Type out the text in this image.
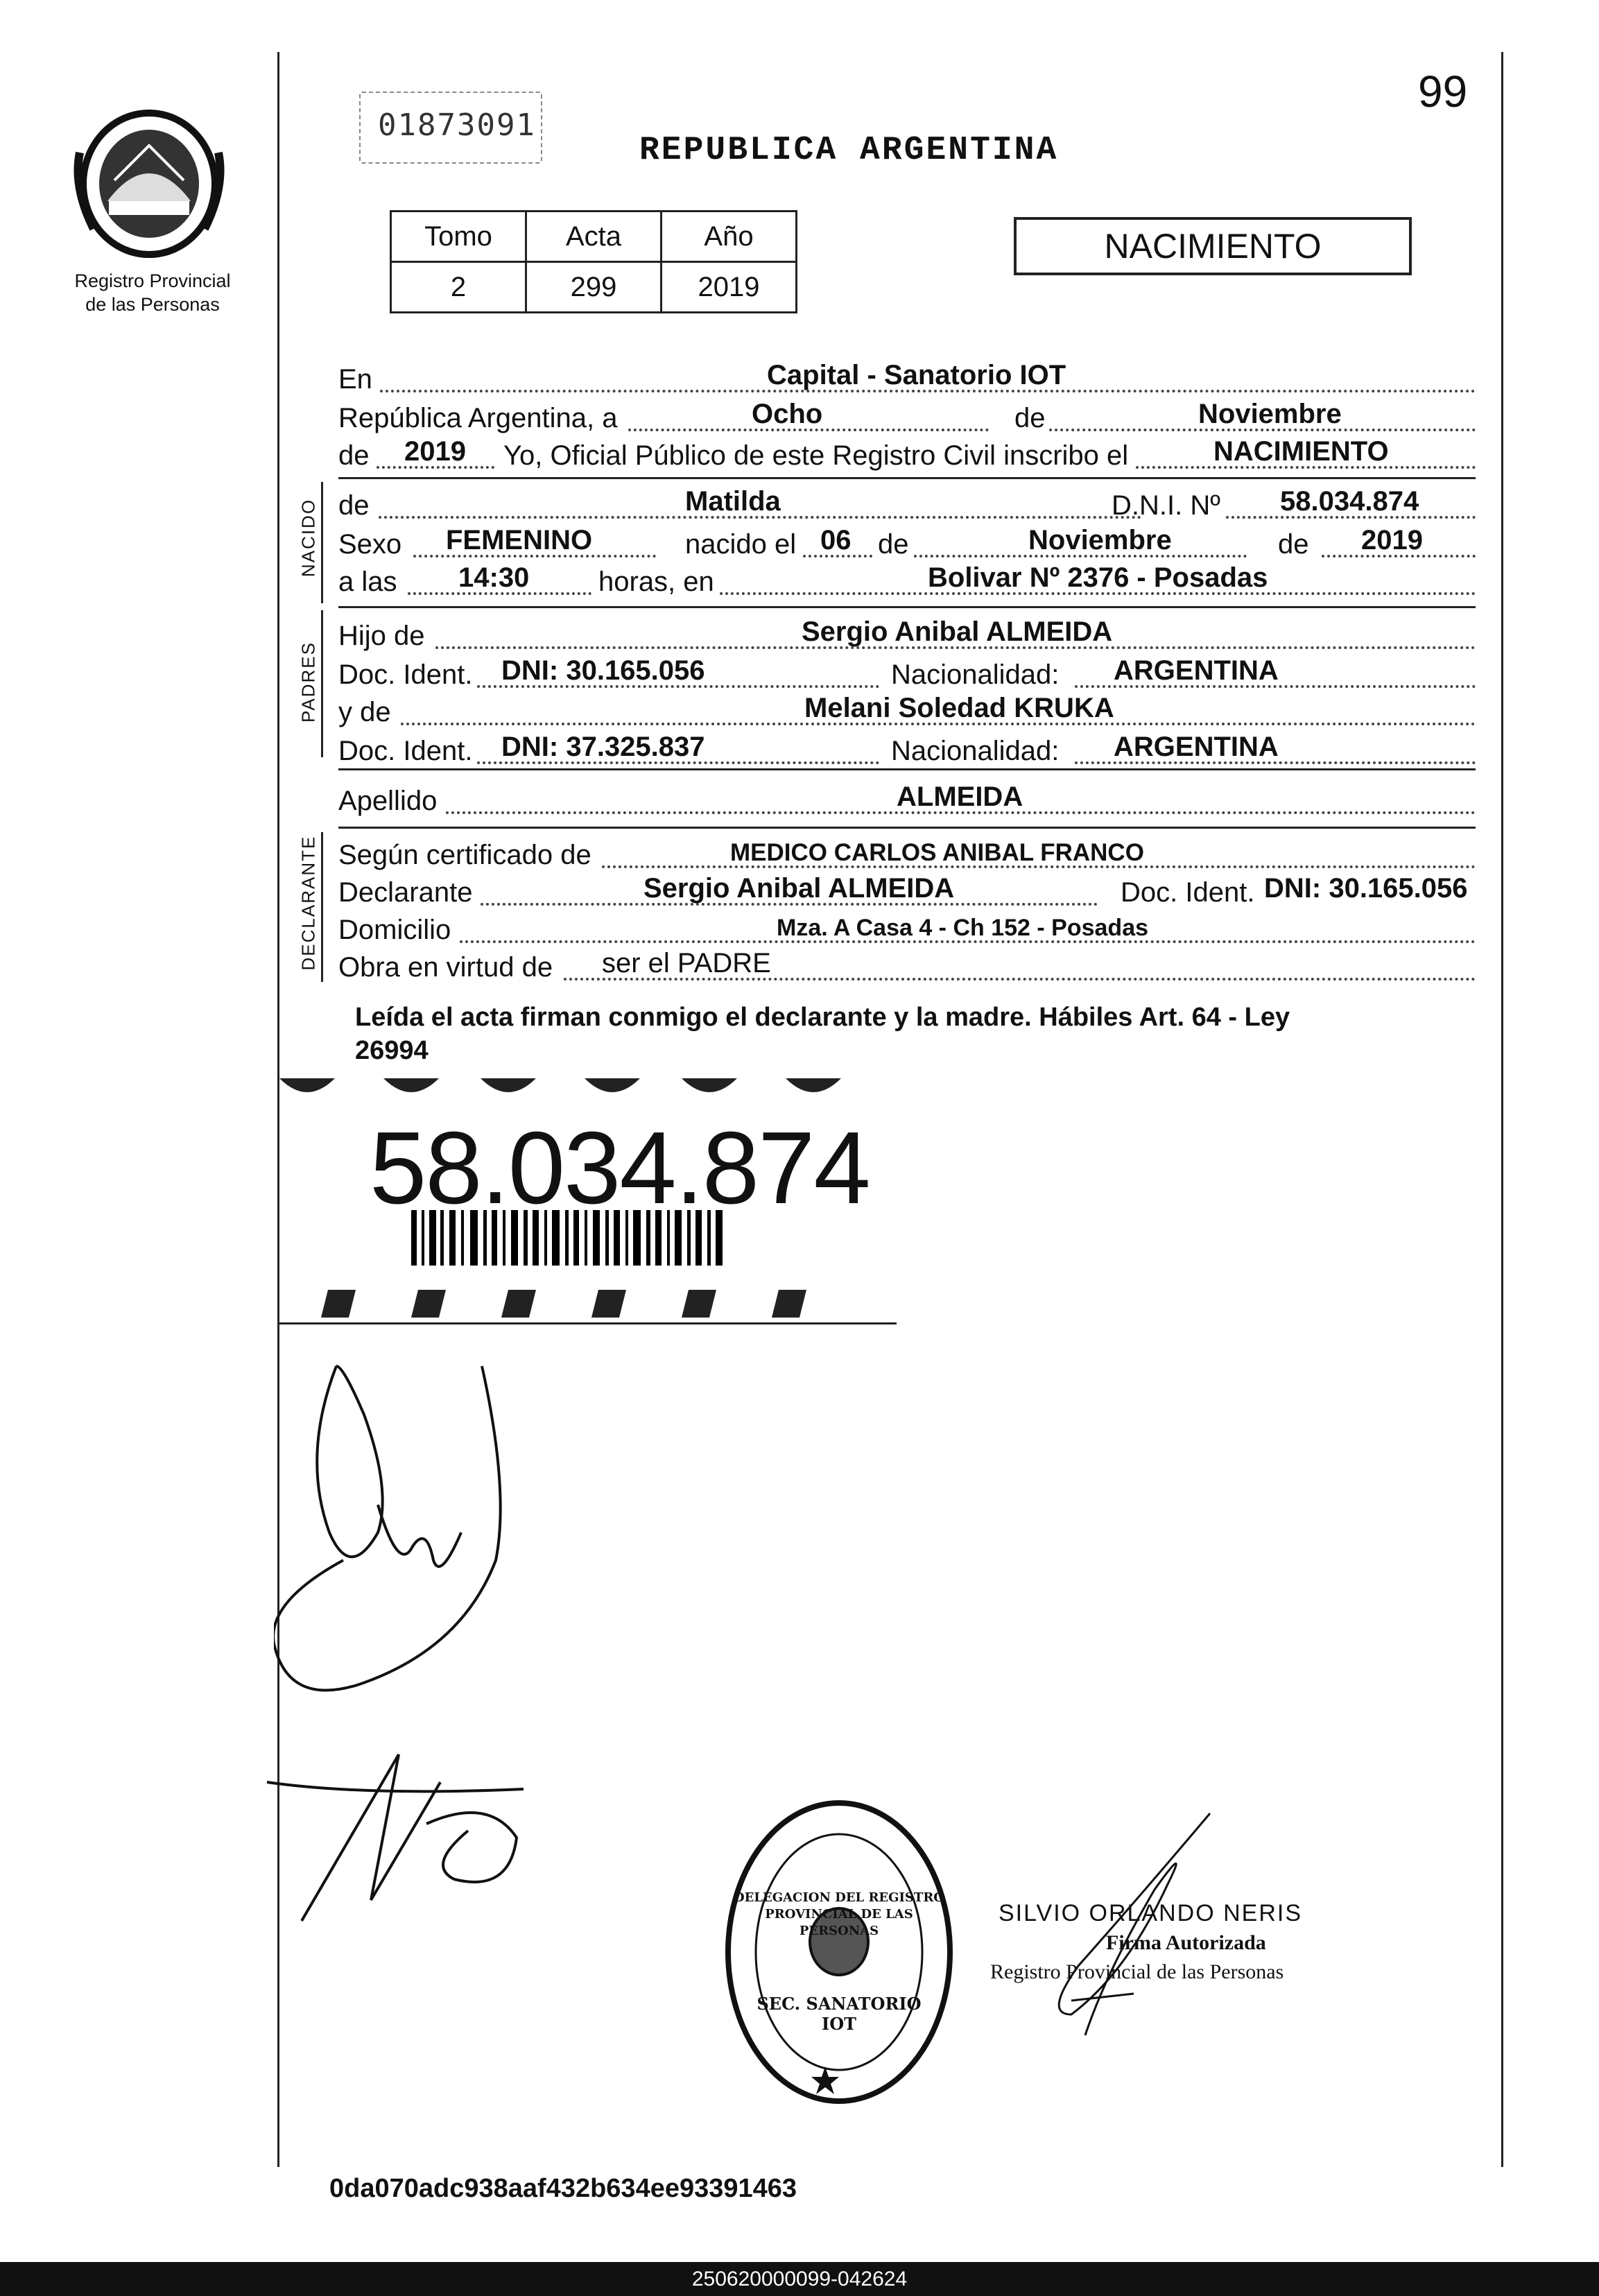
99
01873091
REPUBLICA ARGENTINA
Registro Provincial
de las Personas
Tomo	Acta	Año
2	299	2019
NACIMIENTO
En	Capital - Sanatorio IOT
República Argentina, a	Ocho	de	Noviembre
de 2019 Yo, Oficial Público de este Registro Civil inscribo el	NACIMIENTO
NACIDO de	Matilda	D.N.I. Nº 58.034.874
Sexo FEMENINO	nacido el 06 de	Noviembre	de 2019
a las 14:30 horas, en	Bolivar Nº 2376 - Posadas
PADRES
Hijo de	Sergio Anibal ALMEIDA
Doc. Ident. DNI: 30.165.056	Nacionalidad: ARGENTINA
y de	Melani Soledad KRUKA
Doc. Ident. DNI: 37.325.837	Nacionalidad: ARGENTINA
Apellido	ALMEIDA
DECLARANTE Según certificado de	MEDICO CARLOS ANIBAL FRANCO
Declarante	Sergio Anibal ALMEIDA	Doc. Ident. DNI: 30.165.056
Domicilio	Mza. A Casa 4 - Ch 152 - Posadas
Obra en virtud de ser el PADRE
Leída el acta firman conmigo el declarante y la madre. Hábiles Art. 64 - Ley
26994
58.034.874
DELEGACION DEL REGISTRO PROVINCIAL DE LAS PERSONAS
SEC. SANATORIO IOT
SILVIO ORLANDO NERIS
Firma Autorizada
Registro Provincial de las Personas
0da070adc938aaf432b634ee93391463
250620000099-042624
